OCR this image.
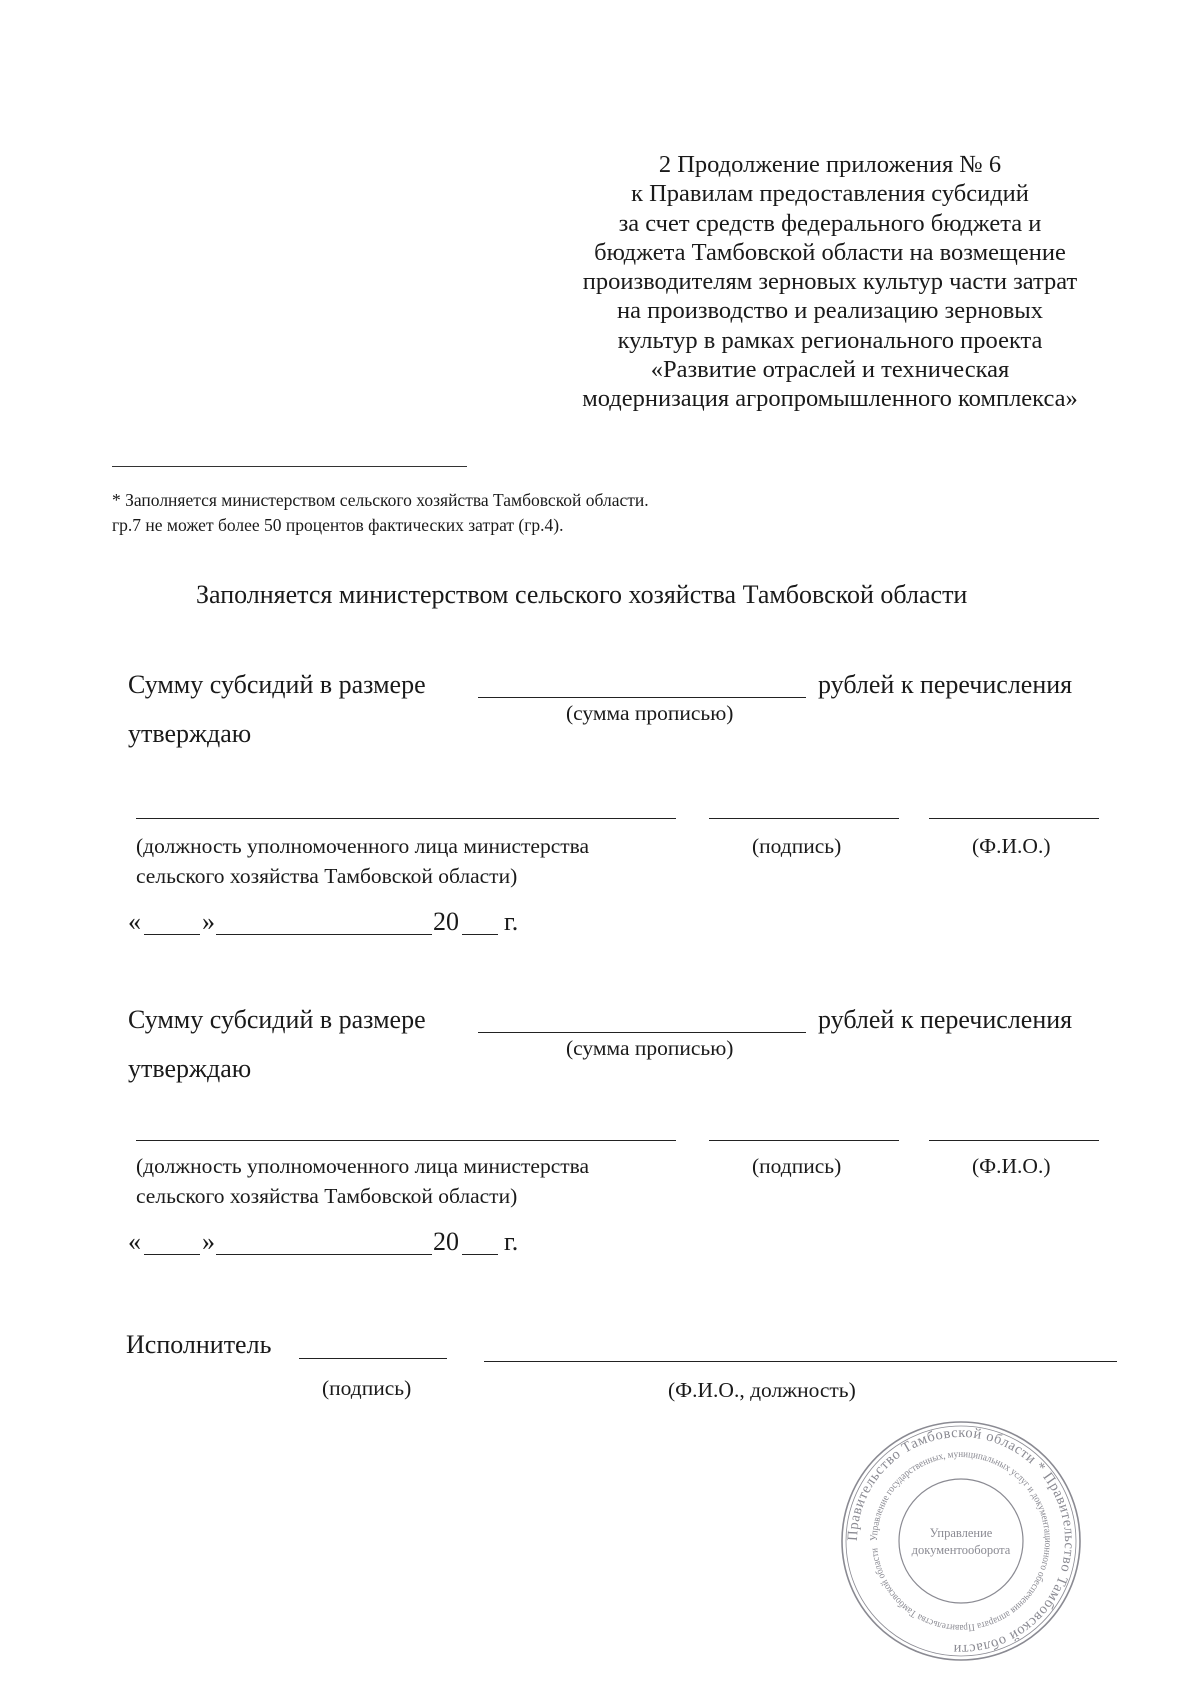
2 Продолжение приложения № 6
к Правилам предоставления субсидий
за счет средств федерального бюджета и
бюджета Тамбовской области на возмещение
производителям зерновых культур части затрат
на производство и реализацию зерновых
культур в рамках регионального проекта
«Развитие отраслей и техническая
модернизация агропромышленного комплекса»
* Заполняется министерством сельского хозяйства Тамбовской области.
гр.7 не может более 50 процентов фактических затрат (гр.4).
Заполняется министерством сельского хозяйства Тамбовской области
Сумму субсидий в размере	рублей к перечисления
(сумма прописью)
утверждаю
(должность уполномоченного лица министерства
сельского хозяйства Тамбовской области)
(подпись)	(Ф.И.О.)
« »	20 г.
Сумму субсидий в размере	рублей к перечисления
(сумма прописью)
утверждаю
(должность уполномоченного лица министерства
сельского хозяйства Тамбовской области)
(подпись)	(Ф.И.О.)
« »	20 г.
Исполнитель
(подпись)	(Ф.И.О., должность)
Правительство Тамбовской области * Правительство Тамбовской области
Управление государственных, муниципальных услуг и документационного обеспечения аппарата Правительства Тамбовской области
Управление
документооборота
